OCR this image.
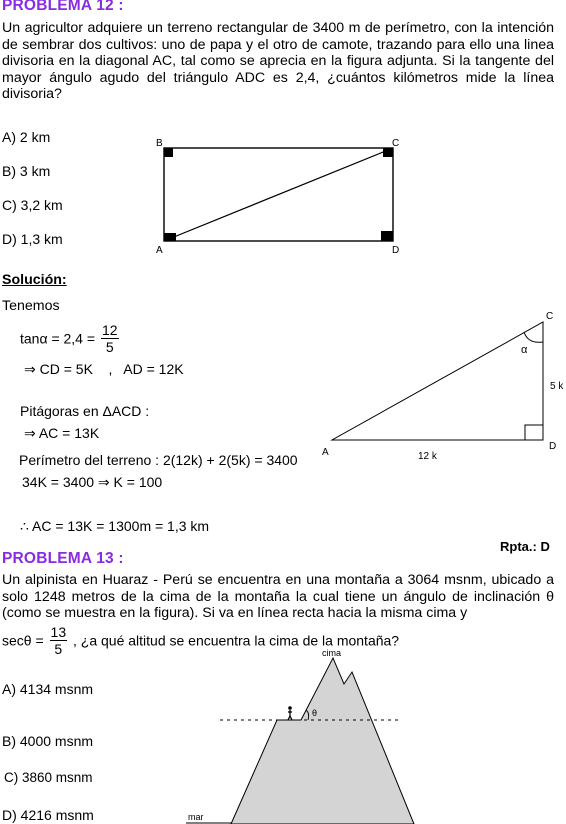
PROBLEMA 12 :
Un agricultor adquiere un terreno rectangular de 3400 m de perímetro, con la intención de sembrar dos cultivos: uno de papa y el otro de camote, trazando para ello una linea divisoria en la diagonal AC, tal como se aprecia en la figura adjunta. Si la tangente del mayor ángulo agudo del triángulo ADC es 2,4, ¿cuántos kilómetros mide la línea divisoria?
A) 2 km
B) 3 km
C) 3,2 km
D) 1,3 km
B	C
A	D
Solución:
Tenemos
$\tan\alpha = 2,4 = \frac{12}{5}$
⇒ CD = 5K    ,   AD = 12K
Pitágoras en ΔACD :
⇒ AC = 13K
Perímetro del terreno : 2(12k) + 2(5k) = 3400
34K = 3400 ⇒ K = 100
∴ AC = 13K = 1300m = 1,3 km
Rpta.: D
C
A
D
α
5 k
12 k
PROBLEMA 13 :
Un alpinista en Huaraz - Perú se encuentra en una montaña a 3064 msnm, ubicado a solo 1248 metros de la cima de la montaña la cual tiene un ángulo de inclinación θ (como se muestra en la figura). Si va en línea recta hacia la misma cima y
$\sec\theta = \frac{13}{5}$ , ¿a qué altitud se encuentra la cima de la montaña?
A) 4134 msnm
B) 4000 msnm
C) 3860 msnm
D) 4216 msnm
θ
cima
mar
